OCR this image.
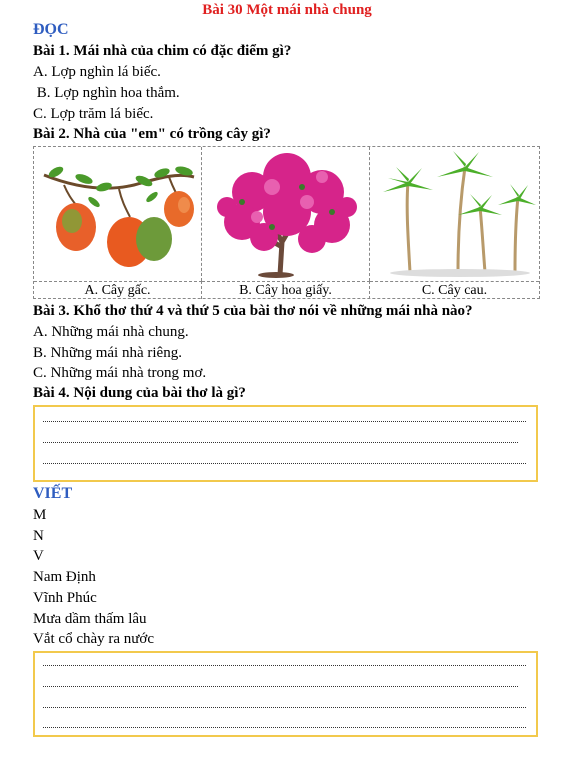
Bài 30 Một mái nhà chung
ĐỌC
Bài 1. Mái nhà của chim có đặc điểm gì?
A. Lợp nghìn lá biếc.
B. Lợp nghìn hoa thắm.
C. Lợp trăm lá biếc.
Bài 2. Nhà của "em" có trồng cây gì?
A. Cây gấc.	B. Cây hoa giấy.	C. Cây cau.
Bài 3. Khổ thơ thứ 4 và thứ 5 của bài thơ nói về những mái nhà nào?
A. Những mái nhà chung.
B. Những mái nhà riêng.
C. Những mái nhà trong mơ.
Bài 4. Nội dung của bài thơ là gì?
VIẾT
M
N
V
Nam Định
Vĩnh Phúc
Mưa dầm thấm lâu
Vắt cổ chày ra nước
